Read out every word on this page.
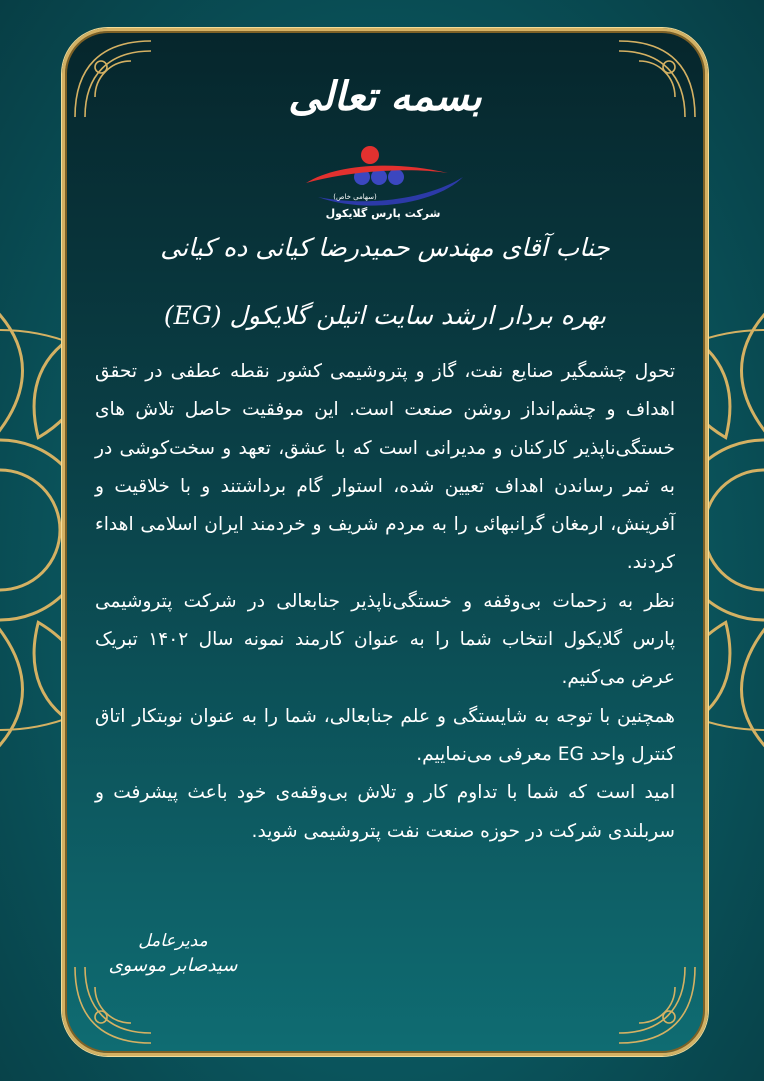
بسمه تعالی
(سهامی خاص)
شرکت پارس گلایکول
جناب آقای مهندس حمیدرضا کیانی ده کیانی
بهره بردار ارشد سایت اتیلن گلایکول (EG)

تحول چشمگیر صنایع نفت، گاز و پتروشیمی کشور نقطه عطفی در تحقق اهداف و چشم‌انداز روشن صنعت است. این موفقیت حاصل تلاش های خستگی‌ناپذیر کارکنان و مدیرانی است که با عشق، تعهد و سخت‌کوشی در به ثمر رساندن اهداف تعیین شده، استوار گام برداشتند و با خلاقیت و آفرینش، ارمغان گرانبهائی را به مردم شریف و خردمند ایران اسلامی اهداء کردند.

نظر به زحمات بی‌وقفه و خستگی‌ناپذیر جنابعالی در شرکت پتروشیمی پارس گلایکول انتخاب شما را به عنوان کارمند نمونه سال ۱۴۰۲ تبریک عرض می‌کنیم.

همچنین با توجه به شایستگی و علم جنابعالی، شما را به عنوان نوبتکار اتاق کنترل واحد EG معرفی می‌نماییم.

امید است که شما با تداوم کار و تلاش بی‌وقفه‌ی خود باعث پیشرفت و سربلندی شرکت در حوزه صنعت نفت پتروشیمی شوید.

مدیرعامل
سیدصابر موسوی
